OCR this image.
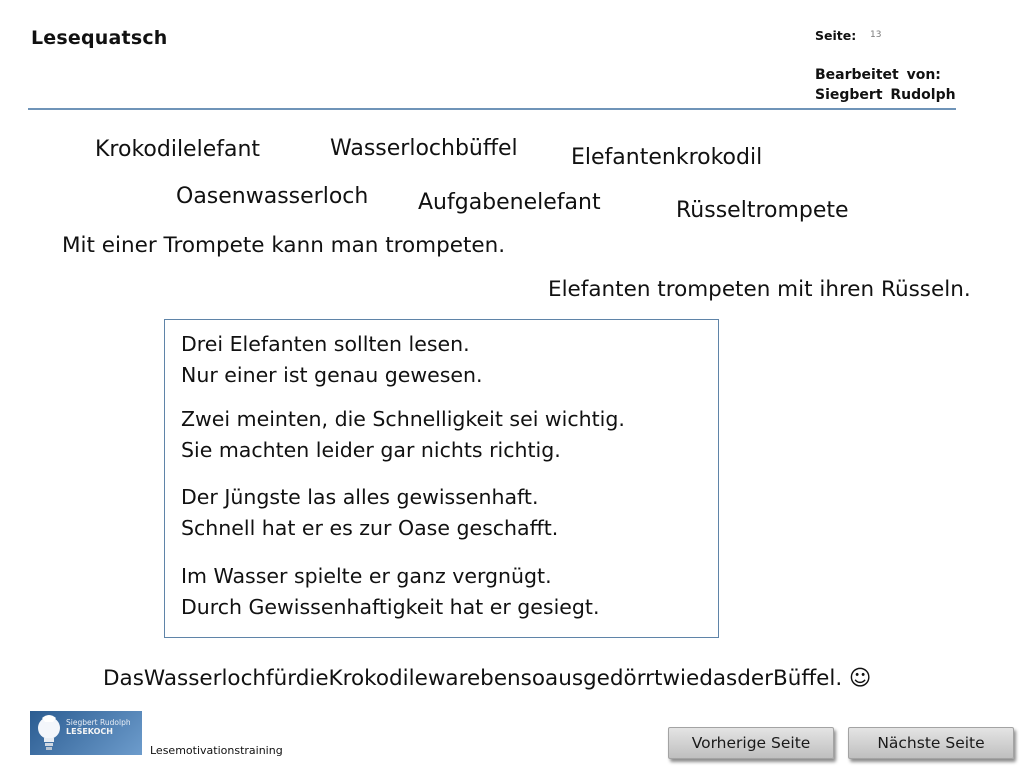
Lesequatsch	Seite: 13
Bearbeitet von:
Siegbert Rudolph
Krokodilelefant	Wasserlochbüffel Elefantenkrokodil
Oasenwasserloch Aufgabenelefant	Rüsseltrompete
Mit einer Trompete kann man trompeten.
Elefanten trompeten mit ihren Rüsseln.
Drei Elefanten sollten lesen.
Nur einer ist genau gewesen.
Zwei meinten, die Schnelligkeit sei wichtig.
Sie machten leider gar nichts richtig.
Der Jüngste las alles gewissenhaft.
Schnell hat er es zur Oase geschafft.
Im Wasser spielte er ganz vergnügt.
Durch Gewissenhaftigkeit hat er gesiegt.
DasWasserlochfürdieKrokodilewarebensoausgedörrtwiedasderBüffel. ☺
Siegbert Rudolph
LESEKOCH
Lesemotivationstraining	Vorherige Seite	Nächste Seite
